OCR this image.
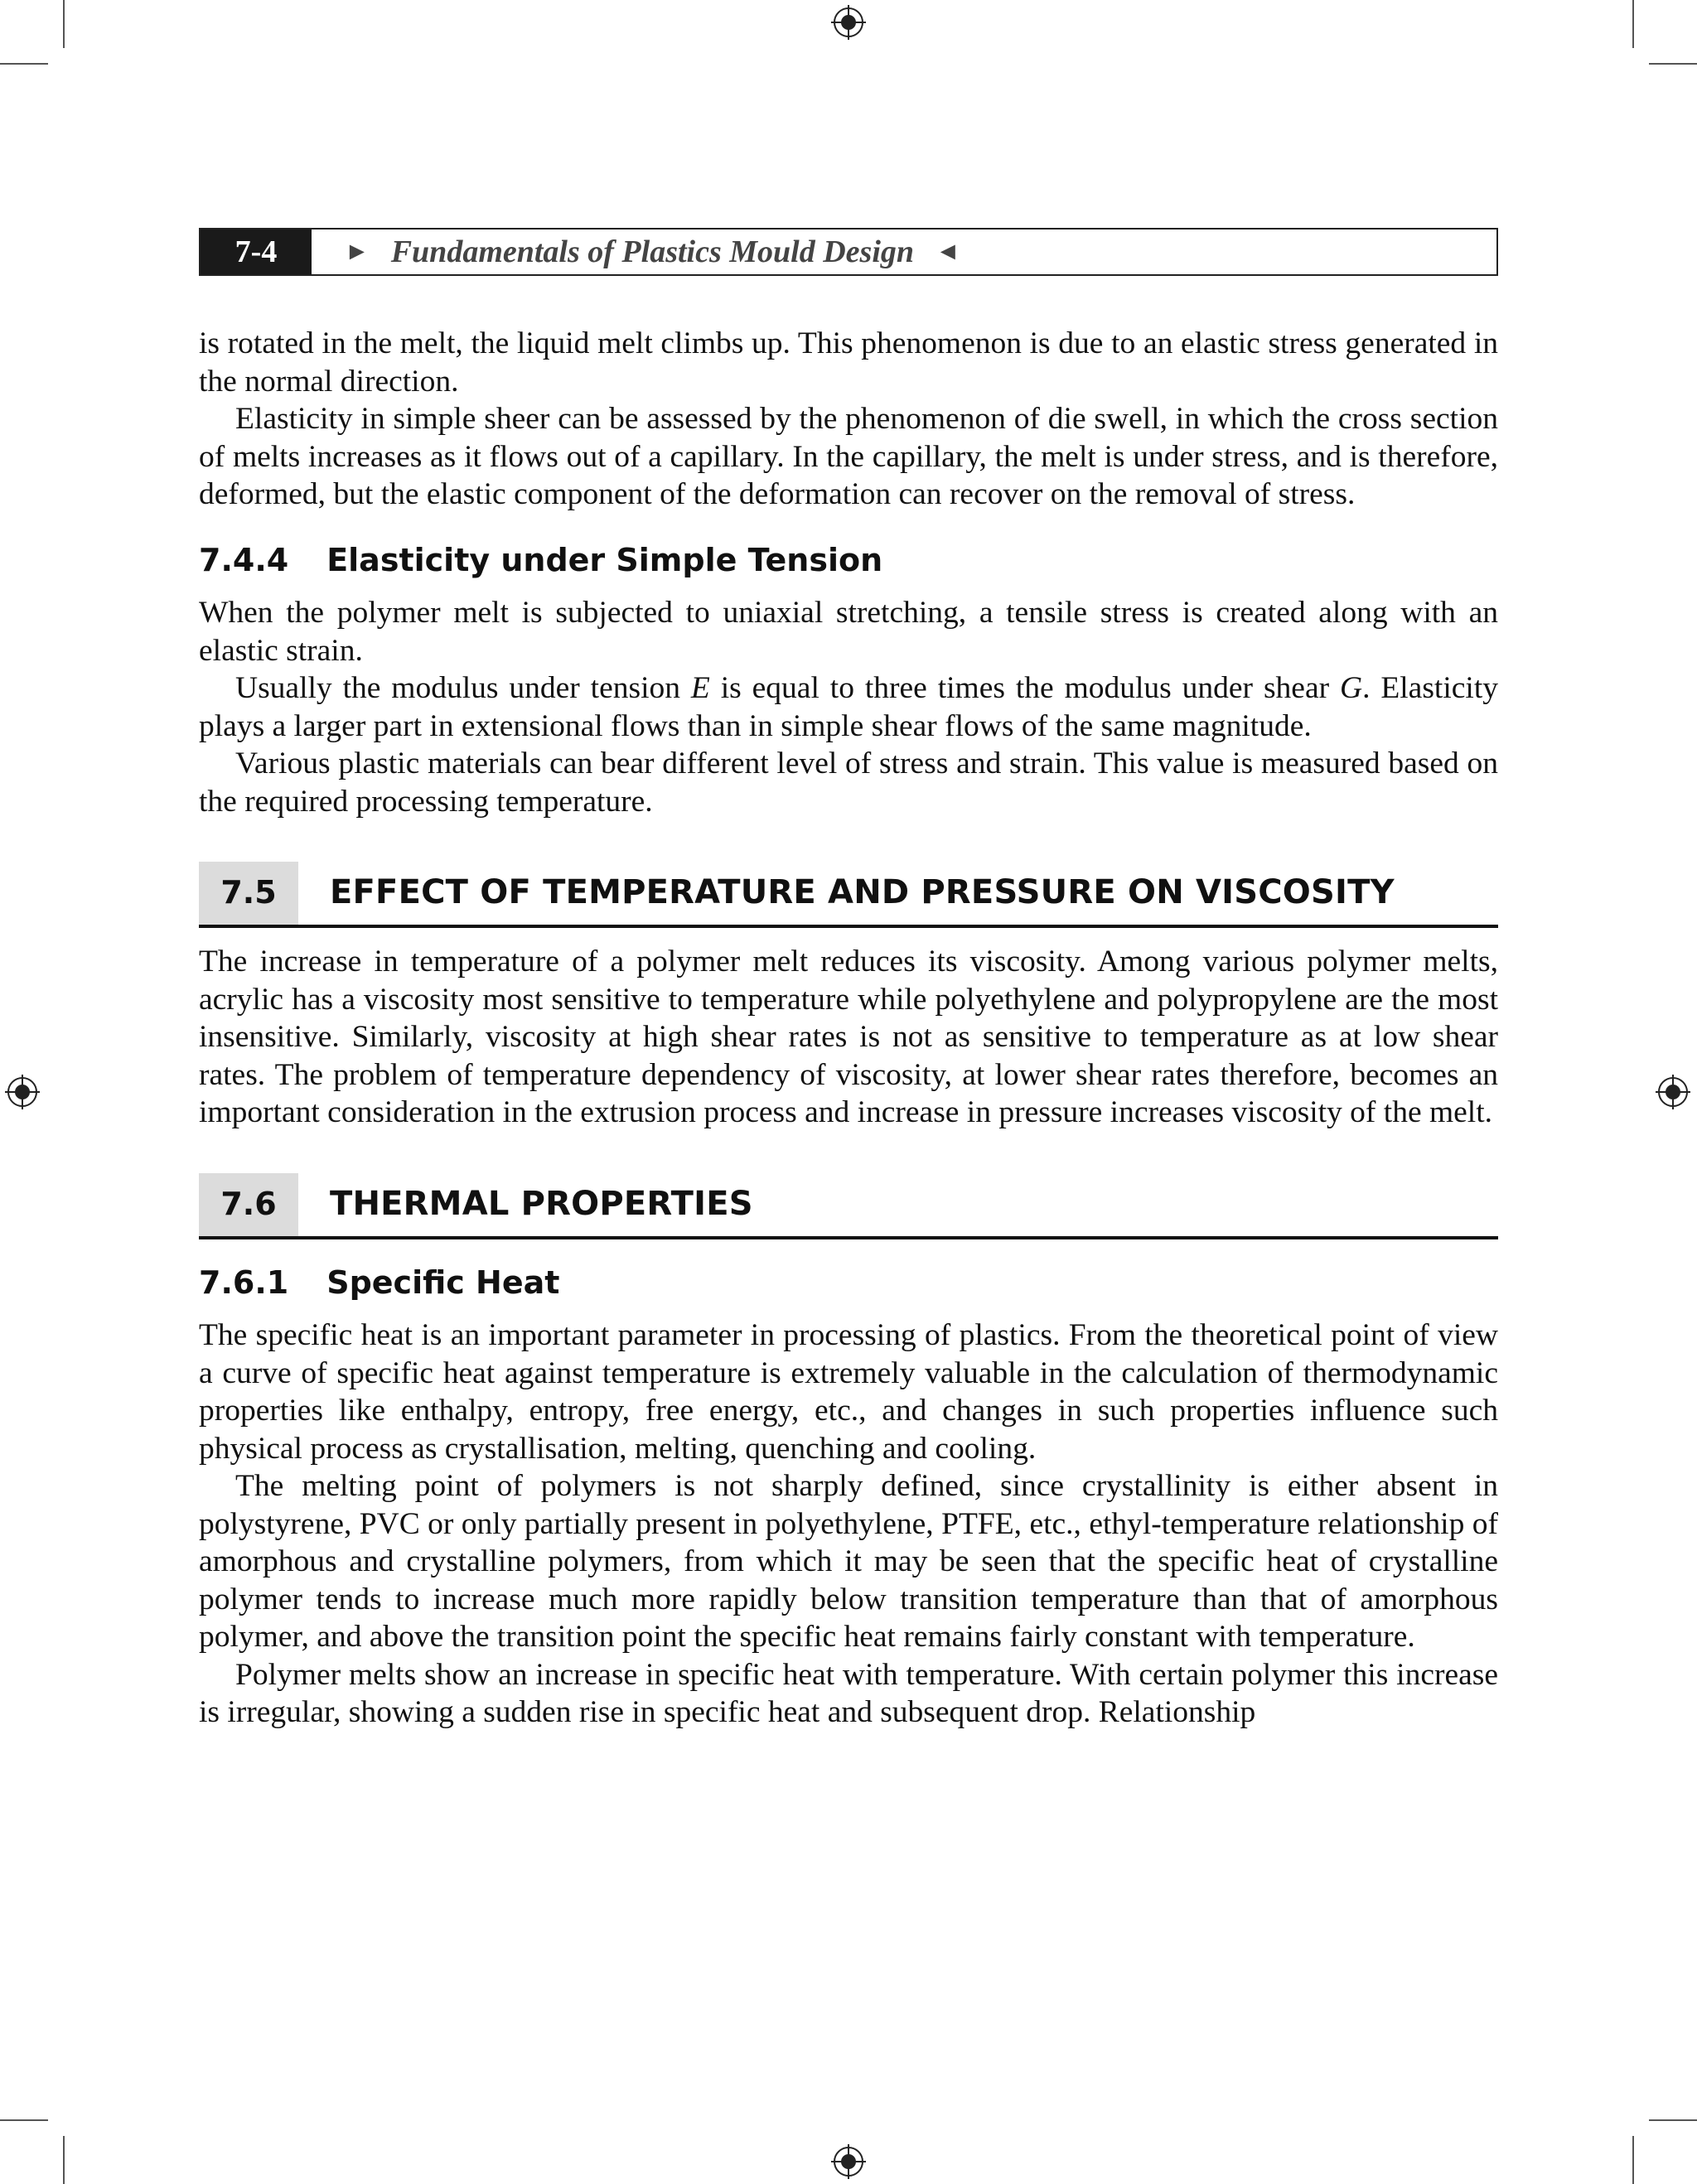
7-4	► Fundamentals of Plastics Mould Design ◄

is rotated in the melt, the liquid melt climbs up. This phenomenon is due to an elastic stress generated in the normal direction.

Elasticity in simple sheer can be assessed by the phenomenon of die swell, in which the cross section of melts increases as it flows out of a capillary. In the capillary, the melt is under stress, and is therefore, deformed, but the elastic component of the deformation can recover on the removal of stress.

7.4.4 Elasticity under Simple Tension

When the polymer melt is subjected to uniaxial stretching, a tensile stress is created along with an elastic strain.

Usually the modulus under tension E is equal to three times the modulus under shear G. Elasticity plays a larger part in extensional flows than in simple shear flows of the same magnitude.

Various plastic materials can bear different level of stress and strain. This value is measured based on the required processing temperature.

7.5	EFFECT OF TEMPERATURE AND PRESSURE ON VISCOSITY

The increase in temperature of a polymer melt reduces its viscosity. Among various polymer melts, acrylic has a viscosity most sensitive to temperature while polyethylene and polypropylene are the most insensitive. Similarly, viscosity at high shear rates is not as sensitive to temperature as at low shear rates. The problem of temperature dependency of viscosity, at lower shear rates therefore, becomes an important consideration in the extrusion process and increase in pressure increases viscosity of the melt.

7.6	THERMAL PROPERTIES
7.6.1 Specific Heat

The specific heat is an important parameter in processing of plastics. From the theoretical point of view a curve of specific heat against temperature is extremely valuable in the calculation of thermodynamic properties like enthalpy, entropy, free energy, etc., and changes in such properties influence such physical process as crystallisation, melting, quenching and cooling.

The melting point of polymers is not sharply defined, since crystallinity is either absent in polystyrene, PVC or only partially present in polyethylene, PTFE, etc., ethyl-temperature relationship of amorphous and crystalline polymers, from which it may be seen that the specific heat of crystalline polymer tends to increase much more rapidly below transition temperature than that of amorphous polymer, and above the transition point the specific heat remains fairly constant with temperature.

Polymer melts show an increase in specific heat with temperature. With certain polymer this increase is irregular, showing a sudden rise in specific heat and subsequent drop. Relationship
